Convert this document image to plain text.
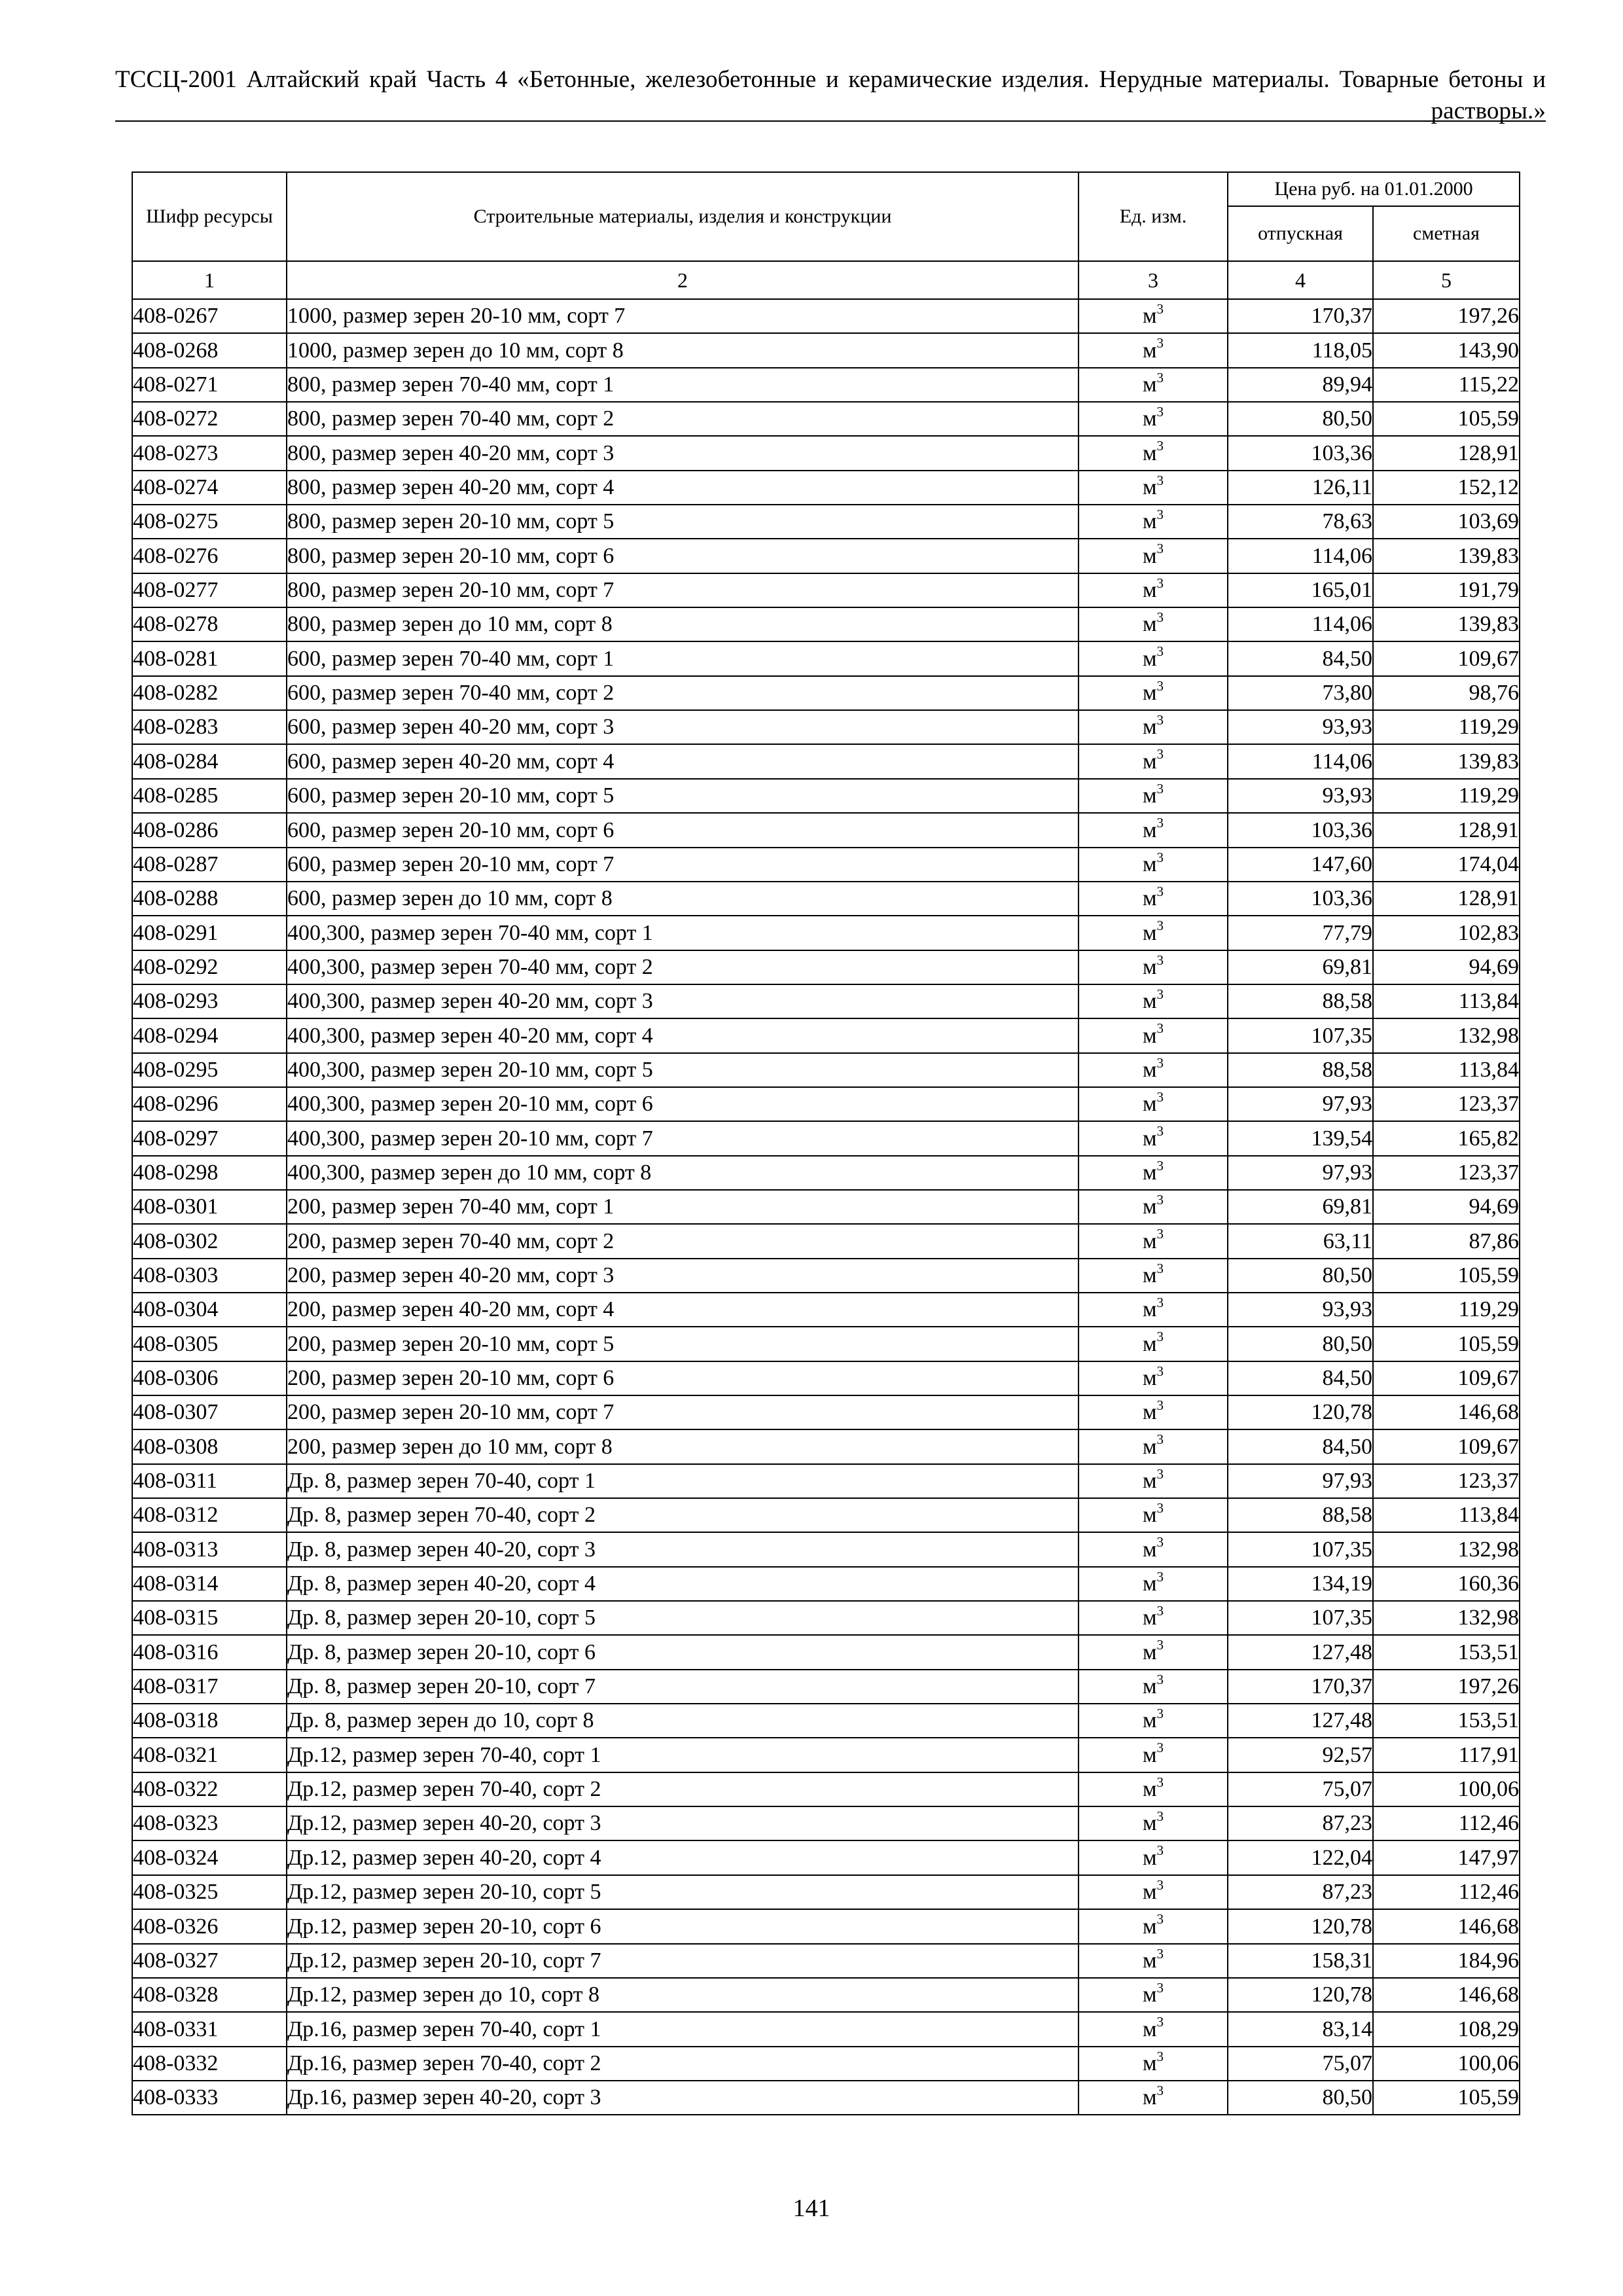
ТССЦ-2001 Алтайский край Часть 4 «Бетонные, железобетонные и керамические изделия. Нерудные материалы. Товарные бетоны и растворы.»
Шифр ресурсы	Строительные материалы, изделия и конструкции	Ед. изм.	Цена руб. на 01.01.2000	
			отпускная	сметная
1	2	3	4	5
408-0267	1000, размер зерен 20-10 мм, сорт 7	$м^3$	170,37	197,26
408-0268	1000, размер зерен до 10 мм, сорт 8	$м^3$	118,05	143,90
408-0271	800, размер зерен 70-40 мм, сорт 1	$м^3$	89,94	115,22
408-0272	800, размер зерен 70-40 мм, сорт 2	$м^3$	80,50	105,59
408-0273	800, размер зерен 40-20 мм, сорт 3	$м^3$	103,36	128,91
408-0274	800, размер зерен 40-20 мм, сорт 4	$м^3$	126,11	152,12
408-0275	800, размер зерен 20-10 мм, сорт 5	$м^3$	78,63	103,69
408-0276	800, размер зерен 20-10 мм, сорт 6	$м^3$	114,06	139,83
408-0277	800, размер зерен 20-10 мм, сорт 7	$м^3$	165,01	191,79
408-0278	800, размер зерен до 10 мм, сорт 8	$м^3$	114,06	139,83
408-0281	600, размер зерен 70-40 мм, сорт 1	$м^3$	84,50	109,67
408-0282	600, размер зерен 70-40 мм, сорт 2	$м^3$	73,80	98,76
408-0283	600, размер зерен 40-20 мм, сорт 3	$м^3$	93,93	119,29
408-0284	600, размер зерен 40-20 мм, сорт 4	$м^3$	114,06	139,83
408-0285	600, размер зерен 20-10 мм, сорт 5	$м^3$	93,93	119,29
408-0286	600, размер зерен 20-10 мм, сорт 6	$м^3$	103,36	128,91
408-0287	600, размер зерен 20-10 мм, сорт 7	$м^3$	147,60	174,04
408-0288	600, размер зерен до 10 мм, сорт 8	$м^3$	103,36	128,91
408-0291	400,300, размер зерен 70-40 мм, сорт 1	$м^3$	77,79	102,83
408-0292	400,300, размер зерен 70-40 мм, сорт 2	$м^3$	69,81	94,69
408-0293	400,300, размер зерен 40-20 мм, сорт 3	$м^3$	88,58	113,84
408-0294	400,300, размер зерен 40-20 мм, сорт 4	$м^3$	107,35	132,98
408-0295	400,300, размер зерен 20-10 мм, сорт 5	$м^3$	88,58	113,84
408-0296	400,300, размер зерен 20-10 мм, сорт 6	$м^3$	97,93	123,37
408-0297	400,300, размер зерен 20-10 мм, сорт 7	$м^3$	139,54	165,82
408-0298	400,300, размер зерен до 10 мм, сорт 8	$м^3$	97,93	123,37
408-0301	200, размер зерен 70-40 мм, сорт 1	$м^3$	69,81	94,69
408-0302	200, размер зерен 70-40 мм, сорт 2	$м^3$	63,11	87,86
408-0303	200, размер зерен 40-20 мм, сорт 3	$м^3$	80,50	105,59
408-0304	200, размер зерен 40-20 мм, сорт 4	$м^3$	93,93	119,29
408-0305	200, размер зерен 20-10 мм, сорт 5	$м^3$	80,50	105,59
408-0306	200, размер зерен 20-10 мм, сорт 6	$м^3$	84,50	109,67
408-0307	200, размер зерен 20-10 мм, сорт 7	$м^3$	120,78	146,68
408-0308	200, размер зерен до 10 мм, сорт 8	$м^3$	84,50	109,67
408-0311	Др. 8, размер зерен 70-40, сорт 1	$м^3$	97,93	123,37
408-0312	Др. 8, размер зерен 70-40, сорт 2	$м^3$	88,58	113,84
408-0313	Др. 8, размер зерен 40-20, сорт 3	$м^3$	107,35	132,98
408-0314	Др. 8, размер зерен 40-20, сорт 4	$м^3$	134,19	160,36
408-0315	Др. 8, размер зерен 20-10, сорт 5	$м^3$	107,35	132,98
408-0316	Др. 8, размер зерен 20-10, сорт 6	$м^3$	127,48	153,51
408-0317	Др. 8, размер зерен 20-10, сорт 7	$м^3$	170,37	197,26
408-0318	Др. 8, размер зерен до 10, сорт 8	$м^3$	127,48	153,51
408-0321	Др.12, размер зерен 70-40, сорт 1	$м^3$	92,57	117,91
408-0322	Др.12, размер зерен 70-40, сорт 2	$м^3$	75,07	100,06
408-0323	Др.12, размер зерен 40-20, сорт 3	$м^3$	87,23	112,46
408-0324	Др.12, размер зерен 40-20, сорт 4	$м^3$	122,04	147,97
408-0325	Др.12, размер зерен 20-10, сорт 5	$м^3$	87,23	112,46
408-0326	Др.12, размер зерен 20-10, сорт 6	$м^3$	120,78	146,68
408-0327	Др.12, размер зерен 20-10, сорт 7	$м^3$	158,31	184,96
408-0328	Др.12, размер зерен до 10, сорт 8	$м^3$	120,78	146,68
408-0331	Др.16, размер зерен 70-40, сорт 1	$м^3$	83,14	108,29
408-0332	Др.16, размер зерен 70-40, сорт 2	$м^3$	75,07	100,06
408-0333	Др.16, размер зерен 40-20, сорт 3	$м^3$	80,50	105,59
141
